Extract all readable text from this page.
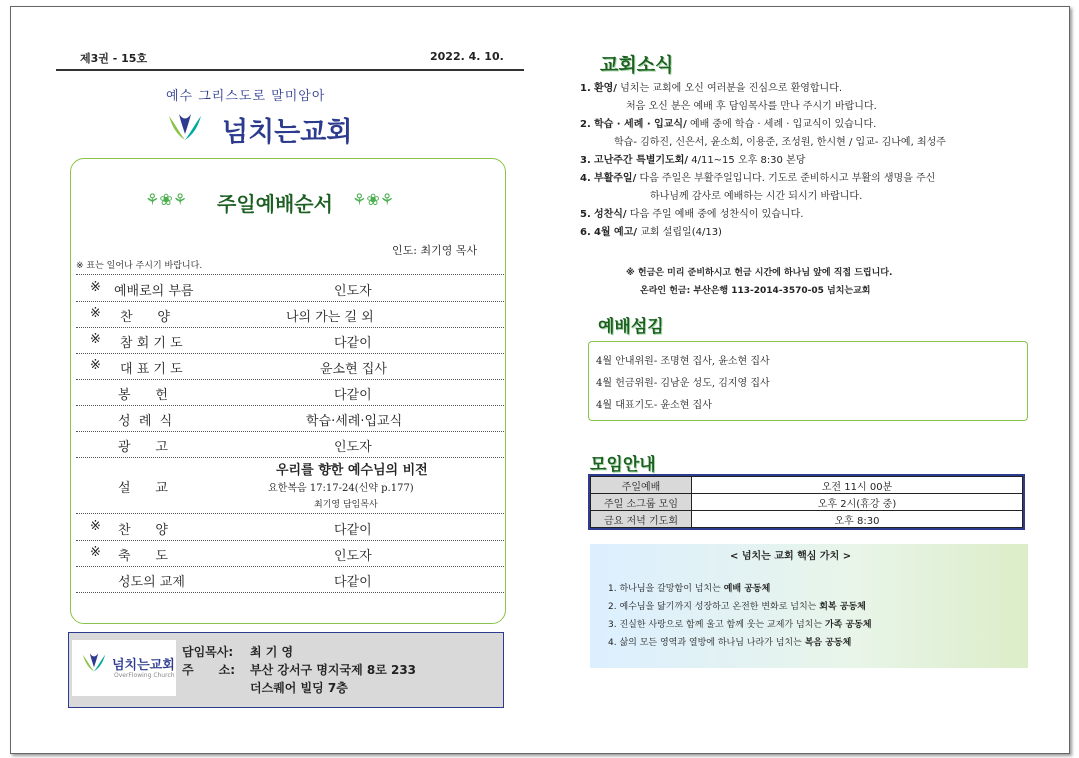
제3권 - 15호	2022. 4. 10.
예수 그리스도로 말미암아
넘치는교회
⚘❀⚘ 주일예배순서 ⚘❀⚘
인도: 최기영 목사
※ 표는 일어나 주시기 바랍니다.
※ 예배로의 부름	인도자
※ 찬      양	나의 가는 길 외
※ 참 회 기 도	다같이
※ 대 표 기 도	윤소현 집사
봉      헌	다같이
성  례  식	학습·세례·입교식
광      고	인도자
설      교
우리를 향한 예수님의 비전
요한복음 17:17-24(신약 p.177)
최기영 담임목사
※ 찬      양	다같이
※ 축      도	인도자
성도의 교제	다같이
넘치는교회
OverFlowing Church
담임목사: 최 기 영
주      소: 부산 강서구 명지국제 8로 233
더스퀘어 빌딩 7층
교회소식
1. 환영/ 넘치는 교회에 오신 여러분을 진심으로 환영합니다.
처음 오신 분은 예배 후 담임목사를 만나 주시기 바랍니다.
2. 학습 · 세례 · 입교식/ 예배 중에 학습 · 세례 · 입교식이 있습니다.
학습- 김하진, 신은서, 윤소희, 이용준, 조성원, 한시현 / 입교- 김나예, 최성주
3. 고난주간 특별기도회/ 4/11~15 오후 8:30 본당
4. 부활주일/ 다음 주일은 부활주일입니다. 기도로 준비하시고 부활의 생명을 주신
하나님께 감사로 예배하는 시간 되시기 바랍니다.
5. 성찬식/ 다음 주일 예배 중에 성찬식이 있습니다.
6. 4월 예고/ 교회 설립일(4/13)
※ 헌금은 미리 준비하시고 헌금 시간에 하나님 앞에 직접 드립니다.
온라인 헌금: 부산은행 113-2014-3570-05 넘치는교회
예배섬김
4월 안내위원- 조명현 집사, 윤소현 집사
4월 헌금위원- 김남운 성도, 김지영 집사
4월 대표기도- 윤소현 집사
모임안내
주일예배	오전 11시 00분
주일 소그룹 모임	오후 2시(휴강 중)
금요 저녁 기도회	오후 8:30
< 넘치는 교회 핵심 가치 >
1. 하나님을 갈망함이 넘치는 예배 공동체
2. 예수님을 닮기까지 성장하고 온전한 변화로 넘치는 회복 공동체
3. 진실한 사랑으로 함께 울고 함께 웃는 교제가 넘치는 가족 공동체
4. 삶의 모든 영역과 열방에 하나님 나라가 넘치는 복음 공동체
